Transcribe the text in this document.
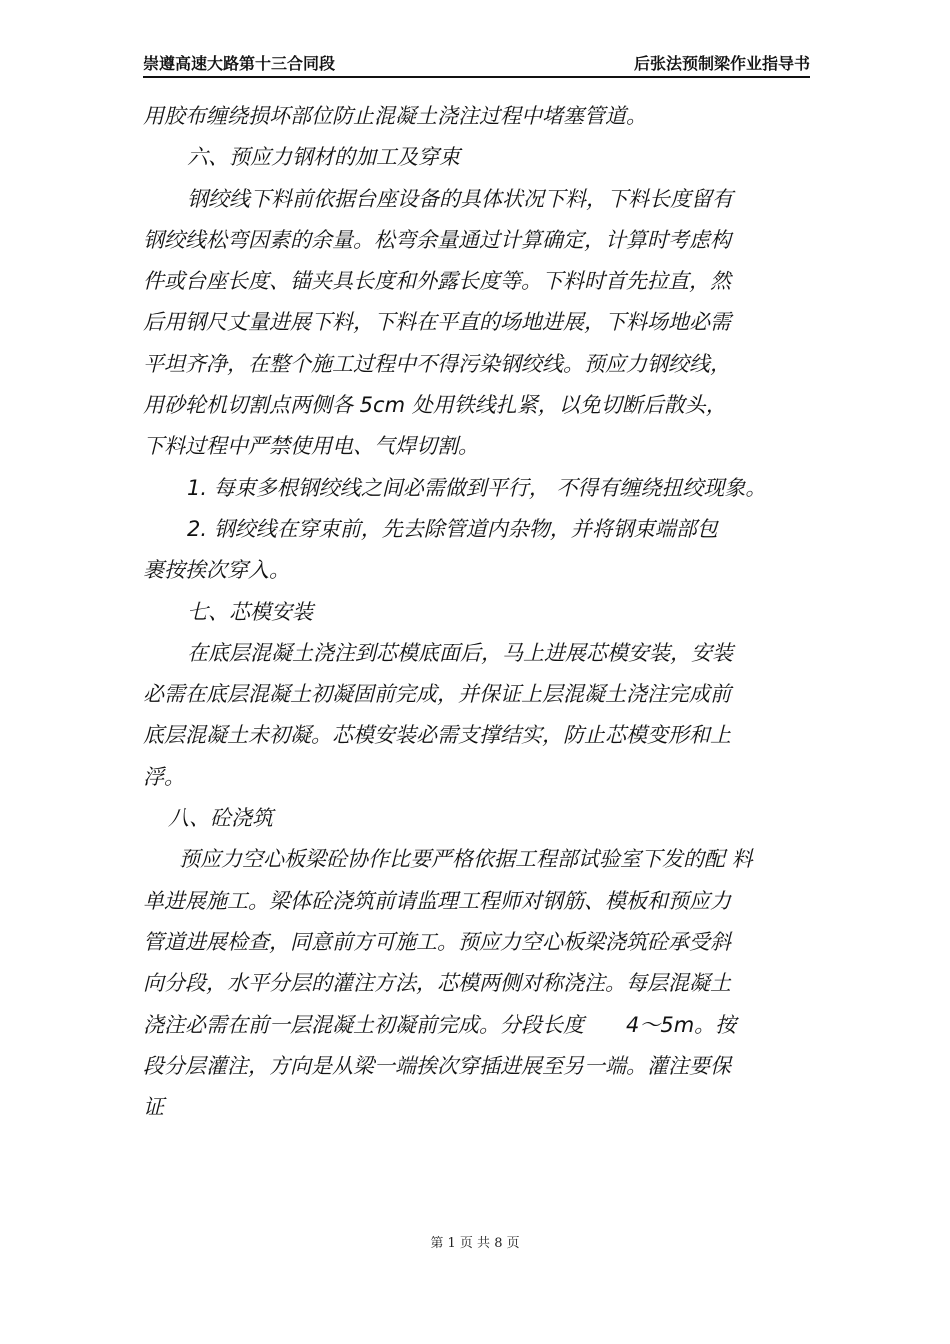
崇遵高速大路第十三合同段	后张法预制梁作业指导书

用胶布缠绕损坏部位防止混凝土浇注过程中堵塞管道。

六、预应力钢材的加工及穿束

钢绞线下料前依据台座设备的具体状况下料，下料长度留有

钢绞线松弯因素的余量。松弯余量通过计算确定，计算时考虑构

件或台座长度、锚夹具长度和外露长度等。下料时首先拉直，然

后用钢尺丈量进展下料，下料在平直的场地进展，下料场地必需

平坦齐净，在整个施工过程中不得污染钢绞线。预应力钢绞线，

用砂轮机切割点两侧各 5cm 处用铁线扎紧，以免切断后散头，

下料过程中严禁使用电、气焊切割。

1. 每束多根钢绞线之间必需做到平行， 不得有缠绕扭绞现象。

2. 钢绞线在穿束前，先去除管道内杂物，并将钢束端部包

裹按挨次穿入。

七、芯模安装

在底层混凝土浇注到芯模底面后，马上进展芯模安装，安装

必需在底层混凝土初凝固前完成，并保证上层混凝土浇注完成前

底层混凝土未初凝。芯模安装必需支撑结实，防止芯模变形和上

浮。

八、砼浇筑

预应力空心板梁砼协作比要严格依据工程部试验室下发的配 料

单进展施工。梁体砼浇筑前请监理工程师对钢筋、模板和预应力

管道进展检查，同意前方可施工。预应力空心板梁浇筑砼承受斜

向分段，水平分层的灌注方法，芯模两侧对称浇注。每层混凝土

浇注必需在前一层混凝土初凝前完成。分段长度　　4～5m。按

段分层灌注，方向是从梁一端挨次穿插进展至另一端。灌注要保

证

第 1 页 共 8 页
